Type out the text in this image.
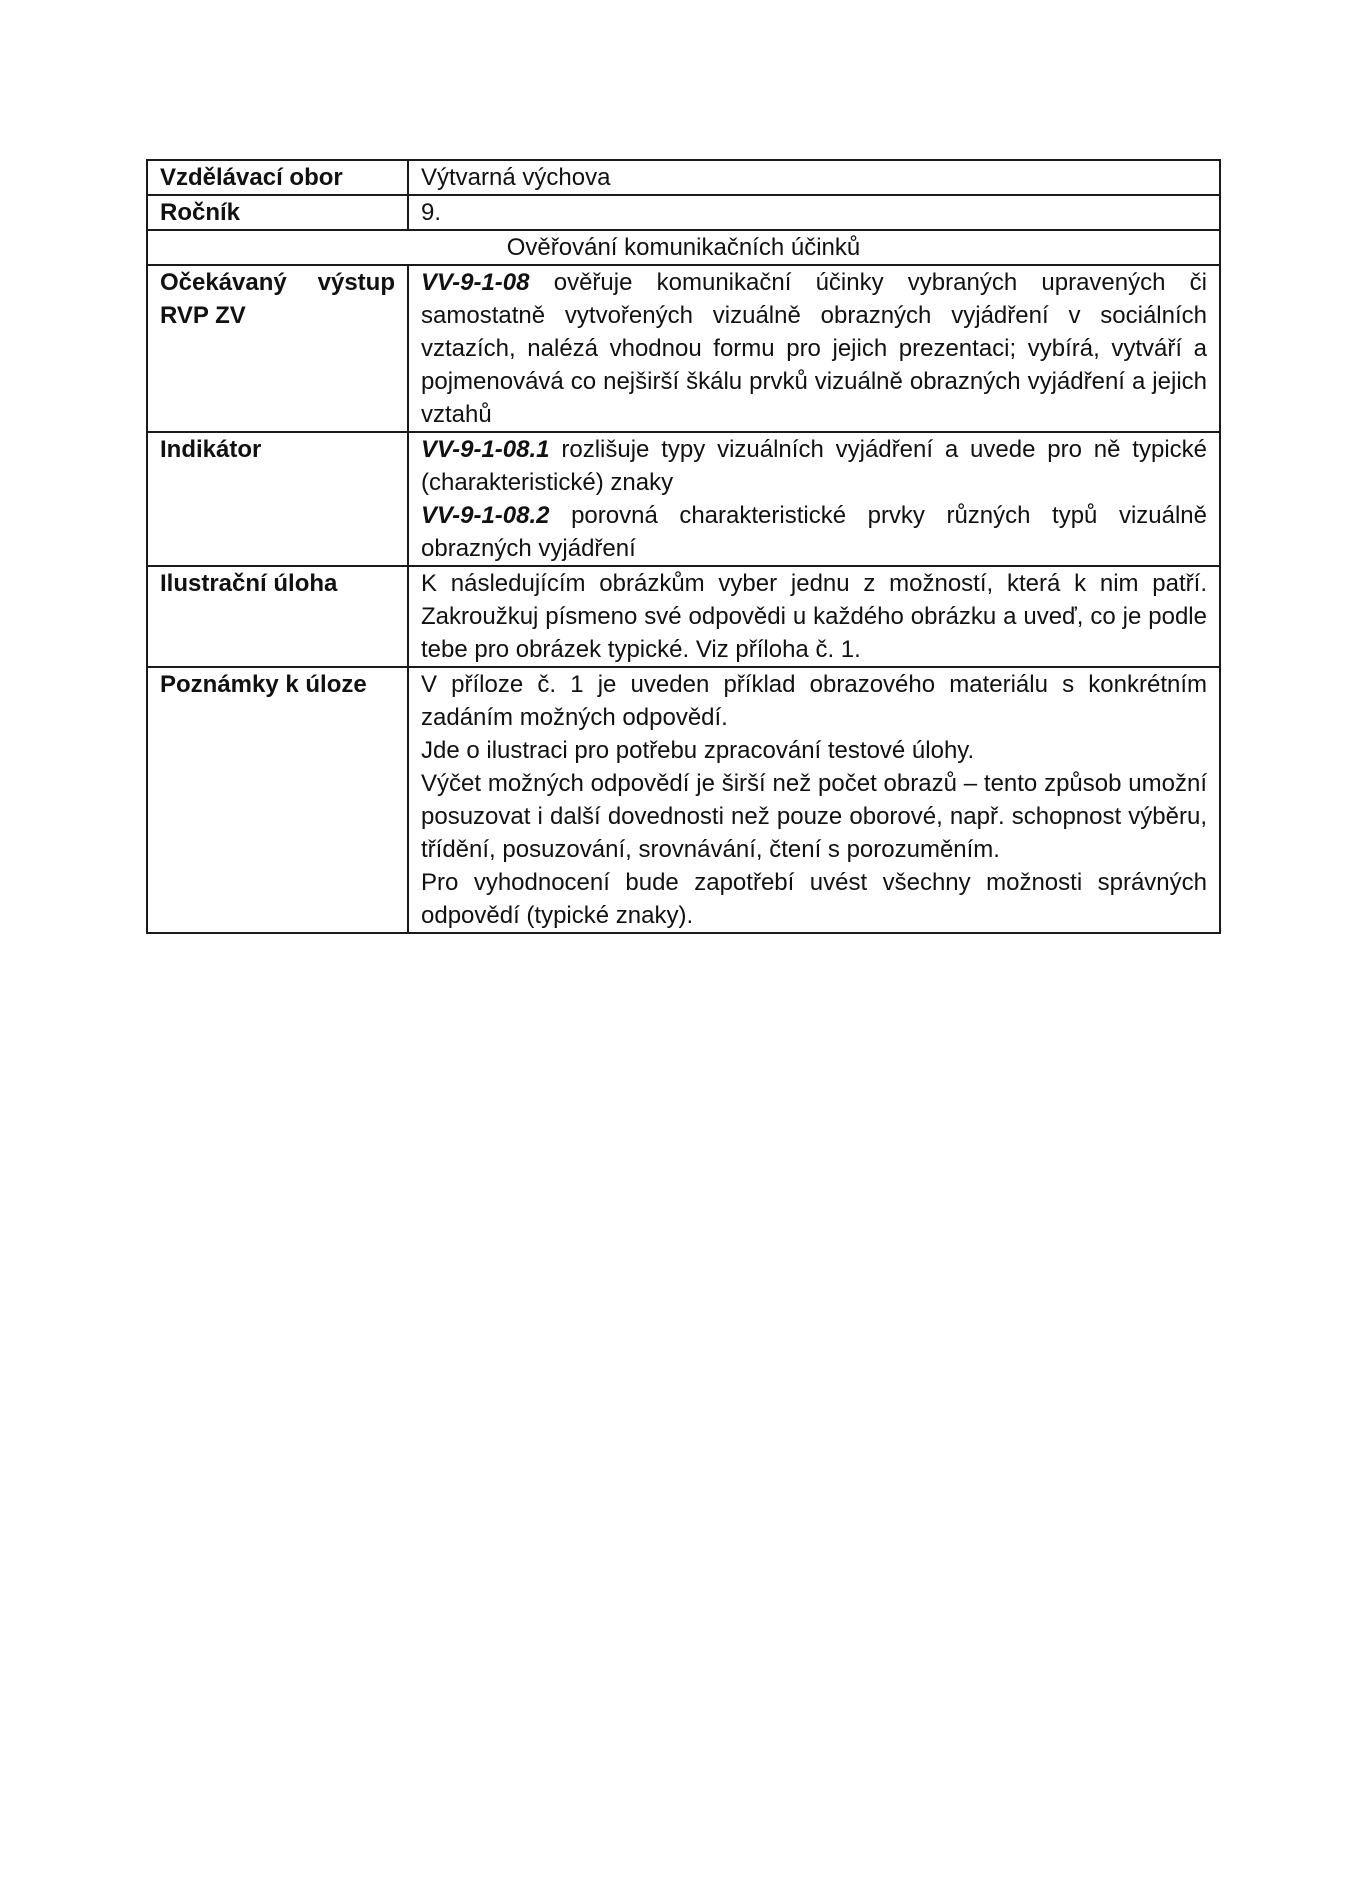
Vzdělávací obor	Výtvarná výchova
Ročník	9.
Ověřování komunikačních účinků	

Očekávaný výstup
RVP ZV	VV-9-1-08 ověřuje komunikační účinky vybraných upravených či samostatně vytvořených vizuálně obrazných vyjádření v sociálních vztazích, nalézá vhodnou formu pro jejich prezentaci; vybírá, vytváří a pojmenovává co nejširší škálu prvků vizuálně obrazných vyjádření a jejich vztahů
Indikátor	VV-9-1-08.1 rozlišuje typy vizuálních vyjádření a uvede pro ně typické (charakteristické) znaky
VV-9-1-08.2 porovná charakteristické prvky různých typů vizuálně obrazných vyjádření

Ilustrační úloha	K následujícím obrázkům vyber jednu z možností, která k nim patří. Zakroužkuj písmeno své odpovědi u každého obrázku a uveď, co je podle tebe pro obrázek typické. Viz příloha č. 1.
Poznámky k úloze	V příloze č. 1 je uveden příklad obrazového materiálu s konkrétním zadáním možných odpovědí.
Jde o ilustraci pro potřebu zpracování testové úlohy.
Výčet možných odpovědí je širší než počet obrazů – tento způsob umožní posuzovat i další dovednosti než pouze oborové, např. schopnost výběru, třídění, posuzování, srovnávání, čtení s porozuměním.
Pro vyhodnocení bude zapotřebí uvést všechny možnosti správných odpovědí (typické znaky).
